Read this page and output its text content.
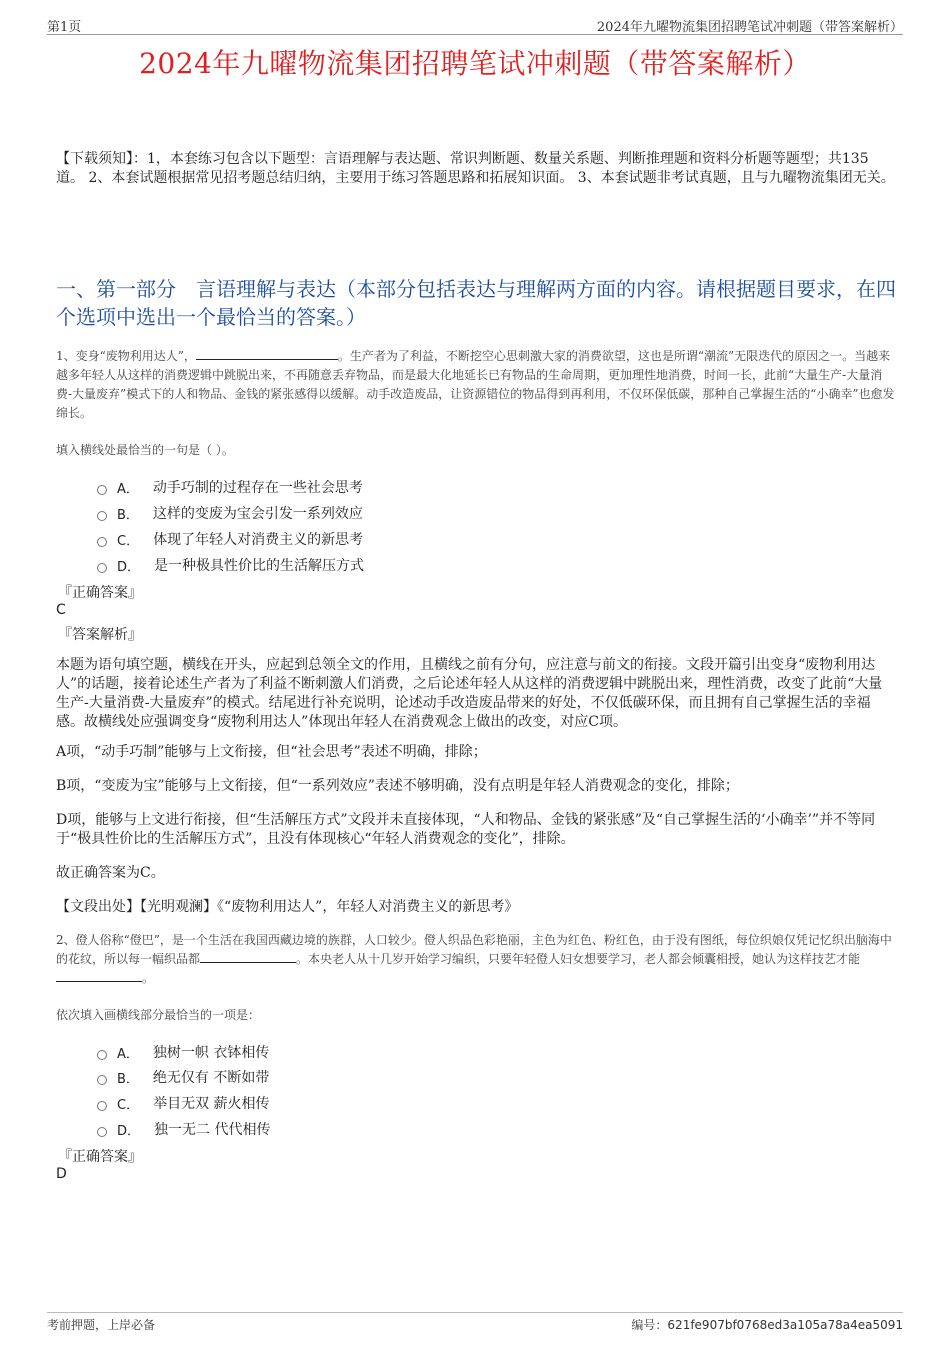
第1页	2024年九曜物流集团招聘笔试冲刺题（带答案解析）
2024年九曜物流集团招聘笔试冲刺题（带答案解析）
【下载须知】：1，本套练习包含以下题型：言语理解与表达题、常识判断题、数量关系题、判断推理题和资料分析题等题型；共135道。 2、本套试题根据常见招考题总结归纳，主要用于练习答题思路和拓展知识面。 3、本套试题非考试真题，且与九曜物流集团无关。
一、第一部分　言语理解与表达（本部分包括表达与理解两方面的内容。请根据题目要求，在四个选项中选出一个最恰当的答案。）
1、变身“废物利用达人”，	。生产者为了利益，不断挖空心思刺激大家的消费欲望，这也是所谓“潮流”无限迭代的原因之一。当越来越多年轻人从这样的消费逻辑中跳脱出来，不再随意丢弃物品，而是最大化地延长已有物品的生命周期，更加理性地消费，时间一长，此前“大量生产-大量消费-大量废弃”模式下的人和物品、金钱的紧张感得以缓解。动手改造废品，让资源错位的物品得到再利用，不仅环保低碳，那种自己掌握生活的“小确幸”也愈发绵长。
填入横线处最恰当的一句是（ ）。
A． 动手巧制的过程存在一些社会思考
B． 这样的变废为宝会引发一系列效应
C． 体现了年轻人对消费主义的新思考
D． 是一种极具性价比的生活解压方式
『正确答案』
C
『答案解析』
本题为语句填空题，横线在开头，应起到总领全文的作用，且横线之前有分句，应注意与前文的衔接。文段开篇引出变身“废物利用达人”的话题，接着论述生产者为了利益不断刺激人们消费，之后论述年轻人从这样的消费逻辑中跳脱出来，理性消费，改变了此前“大量生产-大量消费-大量废弃”的模式。结尾进行补充说明，论述动手改造废品带来的好处，不仅低碳环保，而且拥有自己掌握生活的幸福感。故横线处应强调变身“废物利用达人”体现出年轻人在消费观念上做出的改变，对应C项。
A项，“动手巧制”能够与上文衔接，但“社会思考”表述不明确，排除；
B项，“变废为宝”能够与上文衔接，但“一系列效应”表述不够明确，没有点明是年轻人消费观念的变化，排除；
D项，能够与上文进行衔接，但“生活解压方式”文段并未直接体现，“人和物品、金钱的紧张感”及“自己掌握生活的‘小确幸’”并不等同于“极具性价比的生活解压方式”，且没有体现核心“年轻人消费观念的变化”，排除。
故正确答案为C。
【文段出处】【光明观澜】《“废物利用达人”，年轻人对消费主义的新思考》
2、僜人俗称“僜巴”，是一个生活在我国西藏边境的族群，人口较少。僜人织品色彩艳丽，主色为红色、粉红色，由于没有图纸，每位织娘仅凭记忆织出脑海中的花纹，所以每一幅织品都	。本央老人从十几岁开始学习编织，只要年轻僜人妇女想要学习，老人都会倾囊相授，她认为这样技艺才能。
依次填入画横线部分最恰当的一项是：
A． 独树一帜 衣钵相传
B． 绝无仅有 不断如带
C． 举目无双 薪火相传
D． 独一无二 代代相传
『正确答案』
D
考前押题，上岸必备	编号：621fe907bf0768ed3a105a78a4ea5091
